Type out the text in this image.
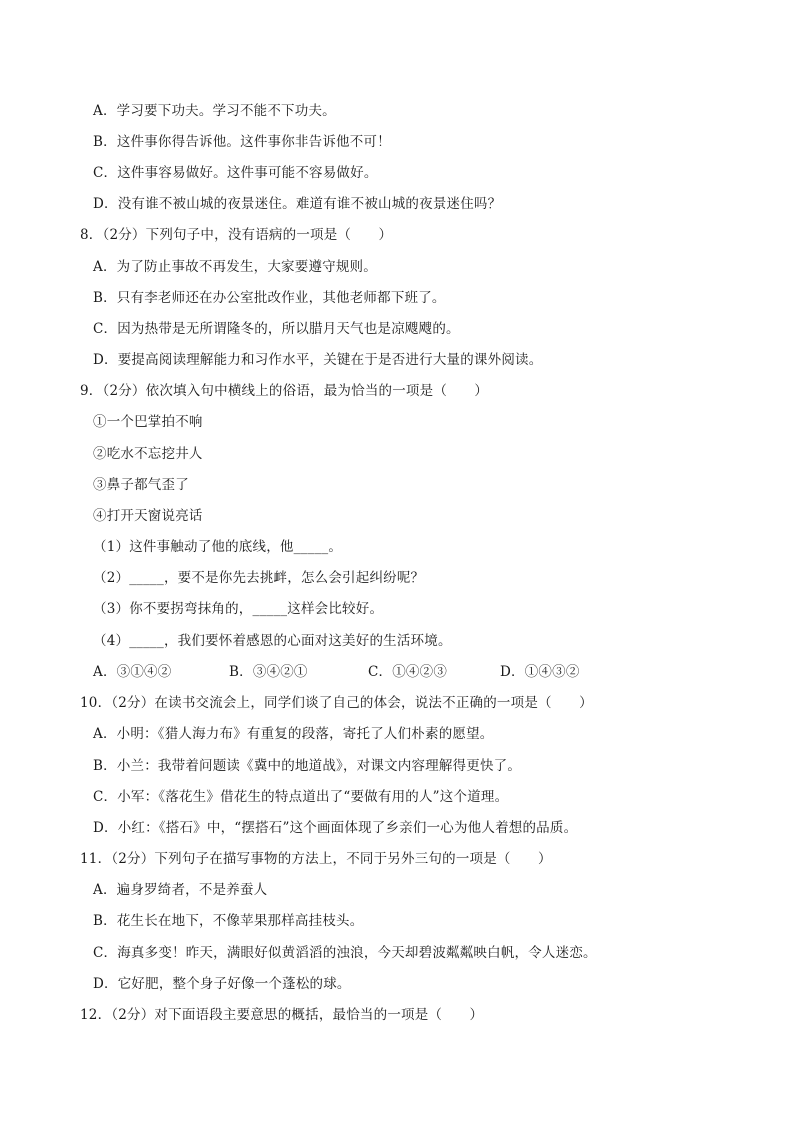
A．学习要下功夫。学习不能不下功夫。
B．这件事你得告诉他。这件事你非告诉他不可！
C．这件事容易做好。这件事可能不容易做好。
D．没有谁不被山城的夜景迷住。难道有谁不被山城的夜景迷住吗？
8．（2分）下列句子中，没有语病的一项是（　　）
A．为了防止事故不再发生，大家要遵守规则。
B．只有李老师还在办公室批改作业，其他老师都下班了。
C．因为热带是无所谓隆冬的，所以腊月天气也是凉飕飕的。
D．要提高阅读理解能力和习作水平，关键在于是否进行大量的课外阅读。
9．（2分）依次填入句中横线上的俗语，最为恰当的一项是（　　）
①一个巴掌拍不响
②吃水不忘挖井人
③鼻子都气歪了
④打开天窗说亮话
（1）这件事触动了他的底线，他_____。
（2）_____，要不是你先去挑衅，怎么会引起纠纷呢？
（3）你不要拐弯抹角的，_____这样会比较好。
（4）_____，我们要怀着感恩的心面对这美好的生活环境。
A．③①④②	B．③④②①	C．①④②③	D．①④③②
10．（2分）在读书交流会上，同学们谈了自己的体会，说法不正确的一项是（　　）
A．小明：《猎人海力布》有重复的段落，寄托了人们朴素的愿望。
B．小兰：我带着问题读《冀中的地道战》，对课文内容理解得更快了。
C．小军：《落花生》借花生的特点道出了“要做有用的人”这个道理。
D．小红：《搭石》中，“摆搭石”这个画面体现了乡亲们一心为他人着想的品质。
11．（2分）下列句子在描写事物的方法上，不同于另外三句的一项是（　　）
A．遍身罗绮者，不是养蚕人
B．花生长在地下，不像苹果那样高挂枝头。
C．海真多变！昨天，满眼好似黄滔滔的浊浪，今天却碧波粼粼映白帆，令人迷恋。
D．它好肥，整个身子好像一个蓬松的球。
12．（2分）对下面语段主要意思的概括，最恰当的一项是（　　）
